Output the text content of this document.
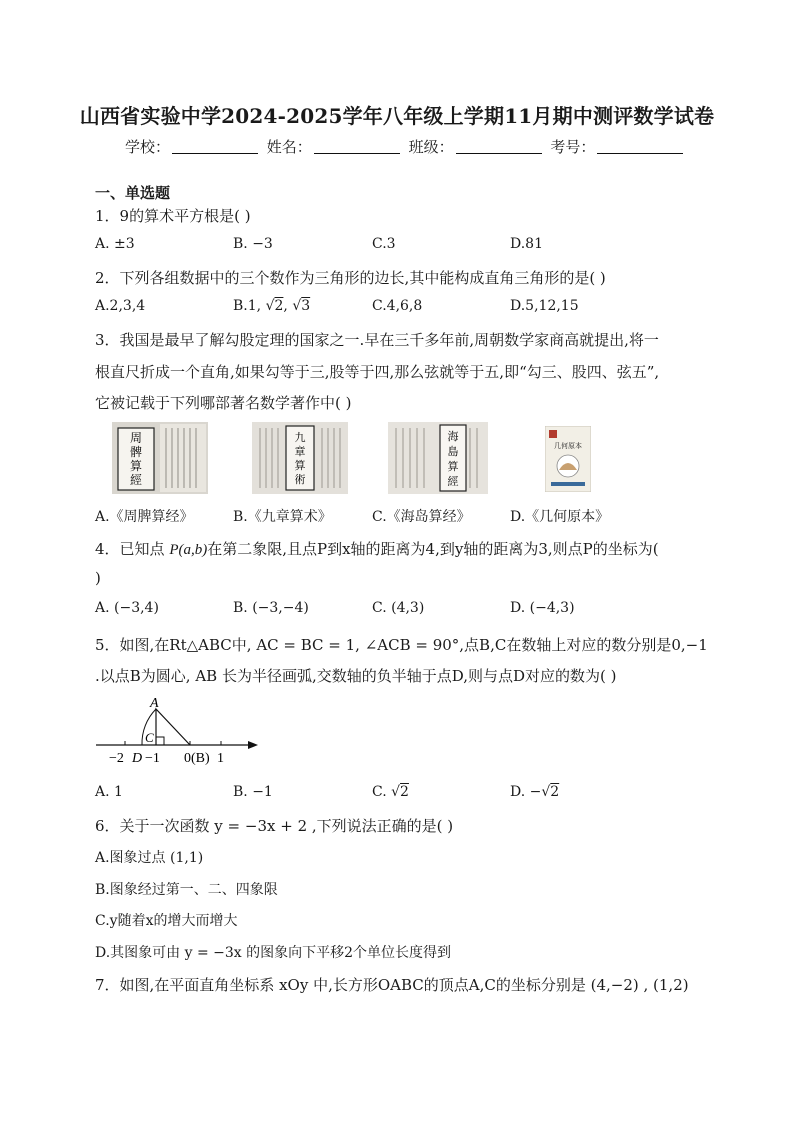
山西省实验中学2024-2025学年八年级上学期11月期中测评数学试卷
学校：	姓名：	班级：	考号：
一、单选题
1．9的算术平方根是( )
A. ±3	B. −3	C.3	D.81
2．下列各组数据中的三个数作为三角形的边长,其中能构成直角三角形的是( )
A.2,3,4	B.1, √2, √3	C.4,6,8	D.5,12,15
3．我国是最早了解勾股定理的国家之一.早在三千多年前,周朝数学家商高就提出,将一
根直尺折成一个直角,如果勾等于三,股等于四,那么弦就等于五,即“勾三、股四、弦五”,
它被记载于下列哪部著名数学著作中( )
周
髀
算
經
九
章
算
術
海
島
算
經
几何原本
A.《周脾算经》	B.《九章算术》	C.《海岛算经》	D.《几何原本》
4．已知点 P(a,b)在第二象限,且点P到x轴的距离为4,到y轴的距离为3,则点P的坐标为(
)
A. (−3,4)	B. (−3,−4)	C. (4,3)	D. (−4,3)
5．如图,在Rt△ABC中, AC = BC = 1, ∠ACB = 90°,点B,C在数轴上对应的数分别是0,−1
.以点B为圆心, AB 长为半径画弧,交数轴的负半轴于点D,则与点D对应的数为( )
A
C
−2 D −1 0(B) 1
A. 1	B. −1	C. √2	D. −√2
6．关于一次函数 y = −3x + 2 ,下列说法正确的是( )
A.图象过点 (1,1)
B.图象经过第一、二、四象限
C.y随着x的增大而增大
D.其图象可由 y = −3x 的图象向下平移2个单位长度得到
7．如图,在平面直角坐标系 xOy 中,长方形OABC的顶点A,C的坐标分别是 (4,−2) , (1,2)
